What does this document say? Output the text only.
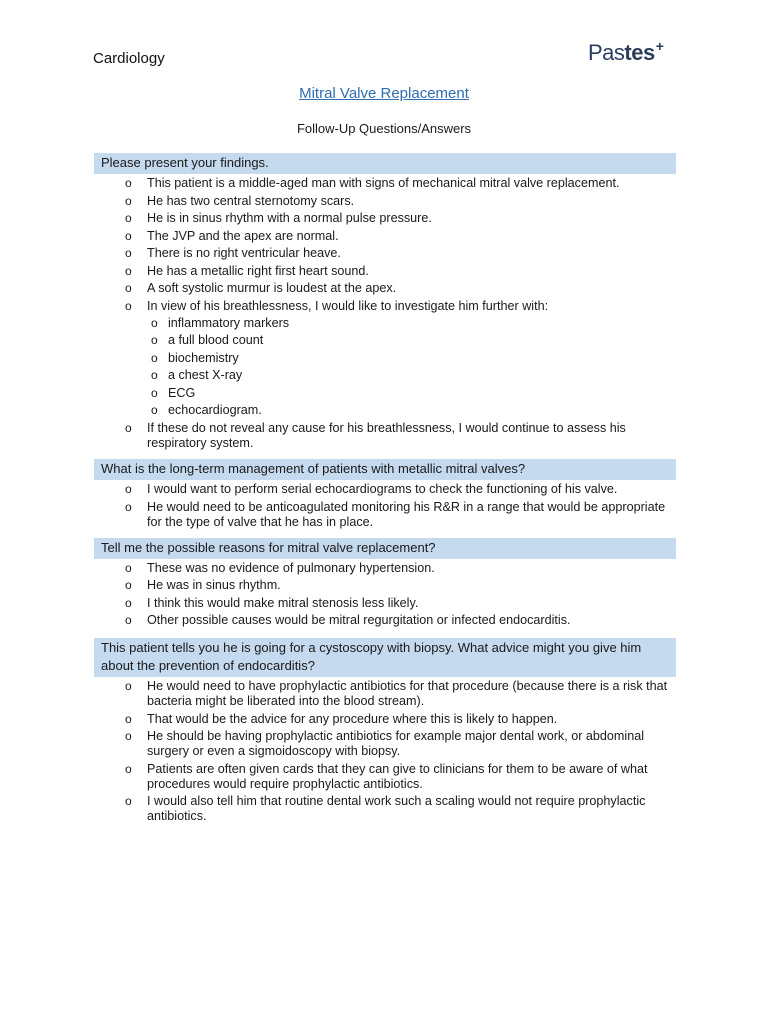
Cardiology	Pastes+
Mitral Valve Replacement
Follow-Up Questions/Answers
Please present your findings.
o This patient is a middle-aged man with signs of mechanical mitral valve replacement.
o He has two central sternotomy scars.
o He is in sinus rhythm with a normal pulse pressure.
o The JVP and the apex are normal.
o There is no right ventricular heave.
o He has a metallic right first heart sound.
o A soft systolic murmur is loudest at the apex.
o In view of his breathlessness, I would like to investigate him further with:
o inflammatory markers
o a full blood count
o biochemistry
o a chest X-ray
o ECG
o echocardiogram.
o If these do not reveal any cause for his breathlessness, I would continue to assess his respiratory system.
What is the long-term management of patients with metallic mitral valves?
o I would want to perform serial echocardiograms to check the functioning of his valve.
o He would need to be anticoagulated monitoring his R&R in a range that would be appropriate for the type of valve that he has in place.
Tell me the possible reasons for mitral valve replacement?
o These was no evidence of pulmonary hypertension.
o He was in sinus rhythm.
o I think this would make mitral stenosis less likely.
o Other possible causes would be mitral regurgitation or infected endocarditis.
This patient tells you he is going for a cystoscopy with biopsy. What advice might you give him about the prevention of endocarditis?
o He would need to have prophylactic antibiotics for that procedure (because there is a risk that bacteria might be liberated into the blood stream).
o That would be the advice for any procedure where this is likely to happen.
o He should be having prophylactic antibiotics for example major dental work, or abdominal surgery or even a sigmoidoscopy with biopsy.
o Patients are often given cards that they can give to clinicians for them to be aware of what procedures would require prophylactic antibiotics.
o I would also tell him that routine dental work such a scaling would not require prophylactic antibiotics.
